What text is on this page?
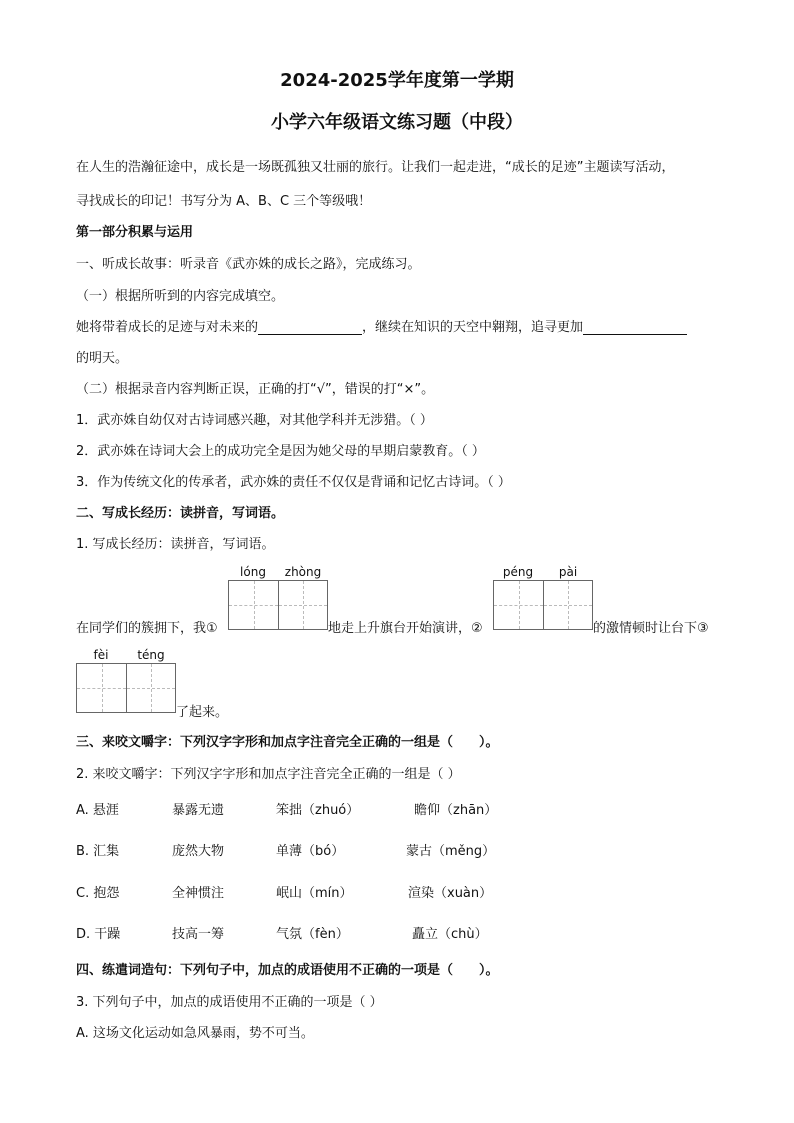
2024-2025学年度第一学期
小学六年级语文练习题（中段）
在人生的浩瀚征途中，成长是一场既孤独又壮丽的旅行。让我们一起走进，“成长的足迹”主题读写活动，
寻找成长的印记！书写分为 A、B、C 三个等级哦！
第一部分积累与运用
一、听成长故事：听录音《武亦姝的成长之路》，完成练习。
（一）根据所听到的内容完成填空。
她将带着成长的足迹与对未来的	，继续在知识的天空中翱翔，追寻更加
的明天。
（二）根据录音内容判断正误，正确的打“√”，错误的打“×”。
1．武亦姝自幼仅对古诗词感兴趣，对其他学科并无涉猎。（ ）
2．武亦姝在诗词大会上的成功完全是因为她父母的早期启蒙教育。（ ）
3．作为传统文化的传承者，武亦姝的责任不仅仅是背诵和记忆古诗词。（ ）
二、写成长经历：读拼音，写词语。
1. 写成长经历：读拼音，写词语。
lóng	zhòng	péng	pài
在同学们的簇拥下，我①	地走上升旗台开始演讲，②	的激情顿时让台下③
fèi	téng
了起来。
三、来咬文嚼字：下列汉字字形和加点字注音完全正确的一组是（　　）。
2. 来咬文嚼字：下列汉字字形和加点字注音完全正确的一组是（ ）
A. 悬涯	暴露无遗	笨拙（zhuó）	瞻仰（zhān）
B. 汇集	庞然大物	单薄（bó）	蒙古（měng）
C. 抱怨	全神惯注	岷山（mín）	渲染（xuàn）
D. 干躁	技高一筹	气氛（fèn）	矗立（chù）
四、练遣词造句：下列句子中，加点的成语使用不正确的一项是（　　）。
3. 下列句子中，加点的成语使用不正确的一项是（ ）
A. 这场文化运动如急风暴雨，势不可当。
